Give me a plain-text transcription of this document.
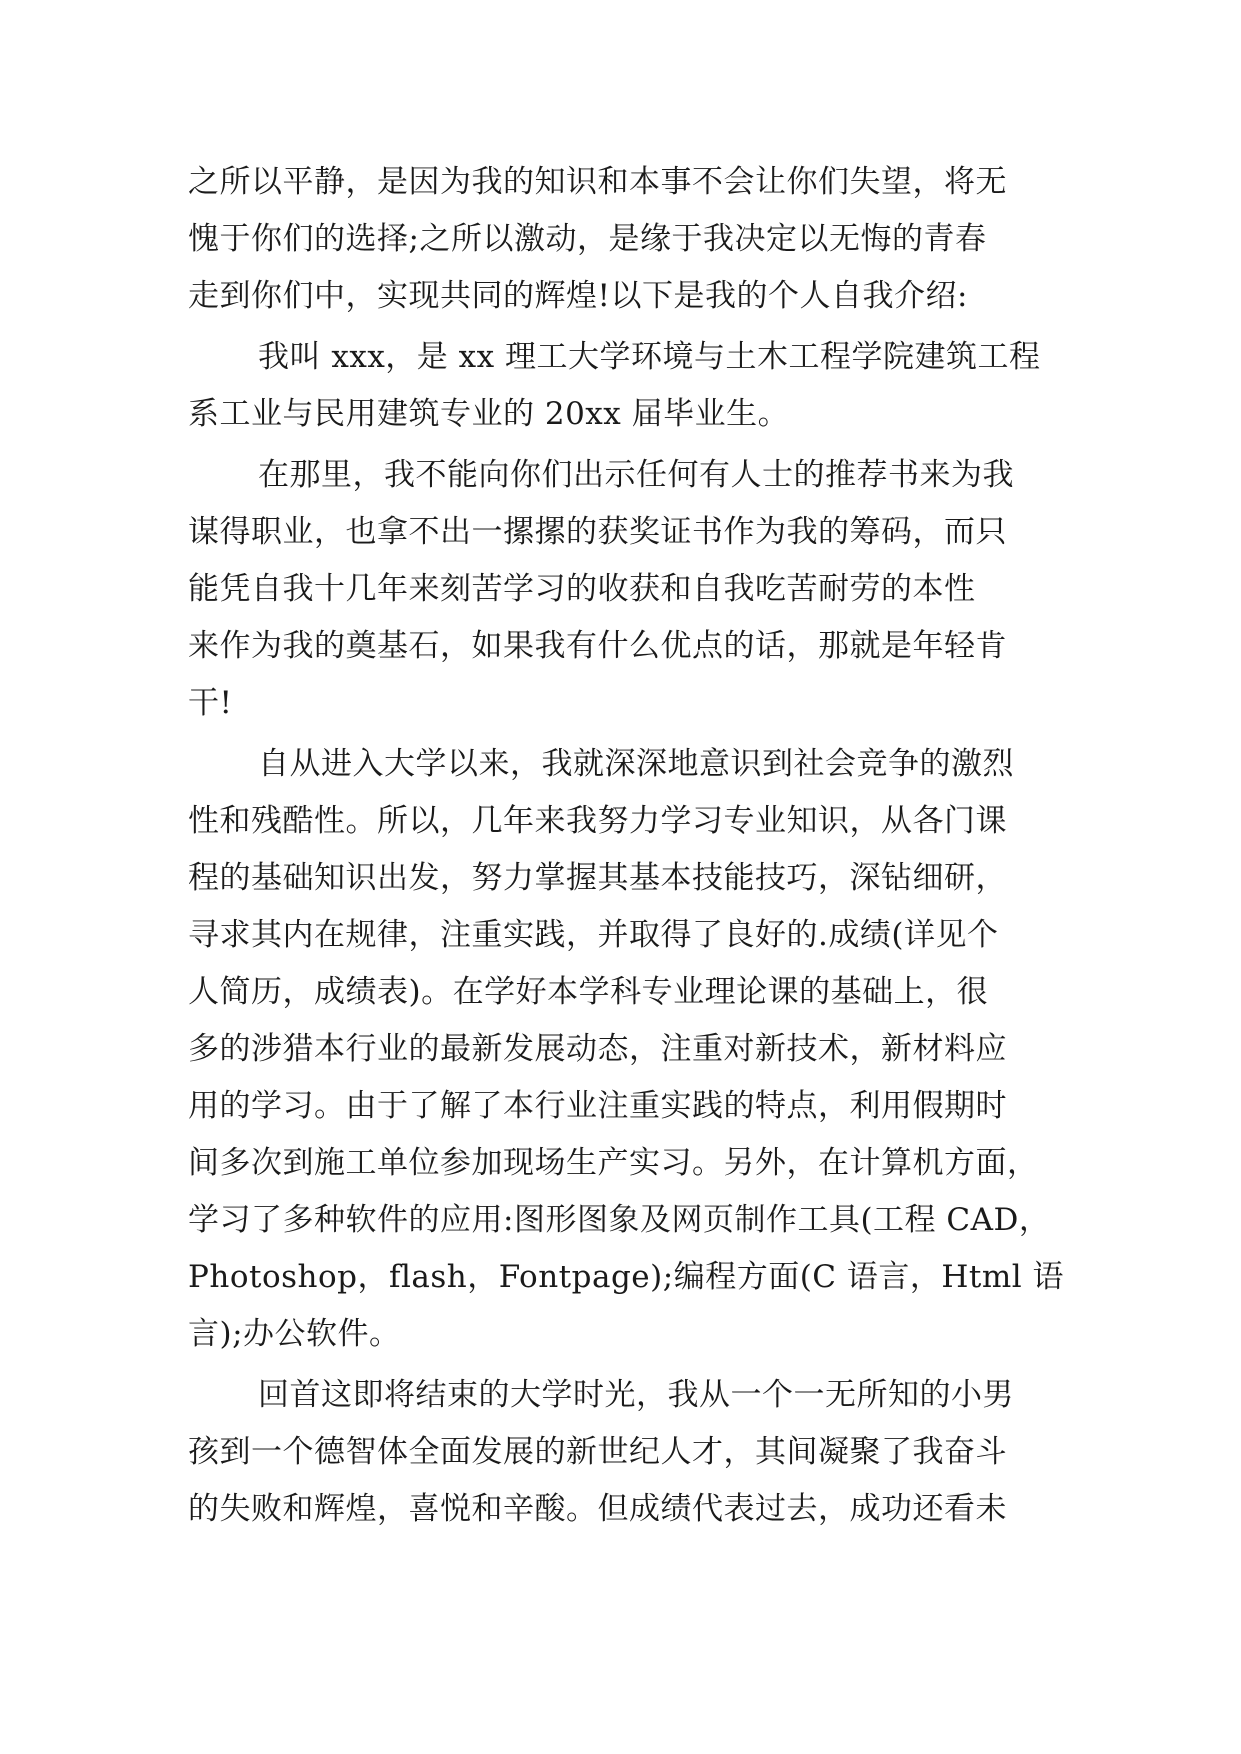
之所以平静，是因为我的知识和本事不会让你们失望，将无
愧于你们的选择;之所以激动，是缘于我决定以无悔的青春
走到你们中，实现共同的辉煌!以下是我的个人自我介绍:
我叫 xxx，是 xx 理工大学环境与土木工程学院建筑工程
系工业与民用建筑专业的 20xx 届毕业生。
在那里，我不能向你们出示任何有人士的推荐书来为我
谋得职业，也拿不出一摞摞的获奖证书作为我的筹码，而只
能凭自我十几年来刻苦学习的收获和自我吃苦耐劳的本性
来作为我的奠基石，如果我有什么优点的话，那就是年轻肯
干!
自从进入大学以来，我就深深地意识到社会竞争的激烈
性和残酷性。所以，几年来我努力学习专业知识，从各门课
程的基础知识出发，努力掌握其基本技能技巧，深钻细研，
寻求其内在规律，注重实践，并取得了良好的.成绩(详见个
人简历，成绩表)。在学好本学科专业理论课的基础上，很
多的涉猎本行业的最新发展动态，注重对新技术，新材料应
用的学习。由于了解了本行业注重实践的特点，利用假期时
间多次到施工单位参加现场生产实习。另外，在计算机方面，
学习了多种软件的应用:图形图象及网页制作工具(工程 CAD，
Photoshop，flash，Fontpage);编程方面(C 语言，Html 语
言);办公软件。
回首这即将结束的大学时光，我从一个一无所知的小男
孩到一个德智体全面发展的新世纪人才，其间凝聚了我奋斗
的失败和辉煌，喜悦和辛酸。但成绩代表过去，成功还看未
